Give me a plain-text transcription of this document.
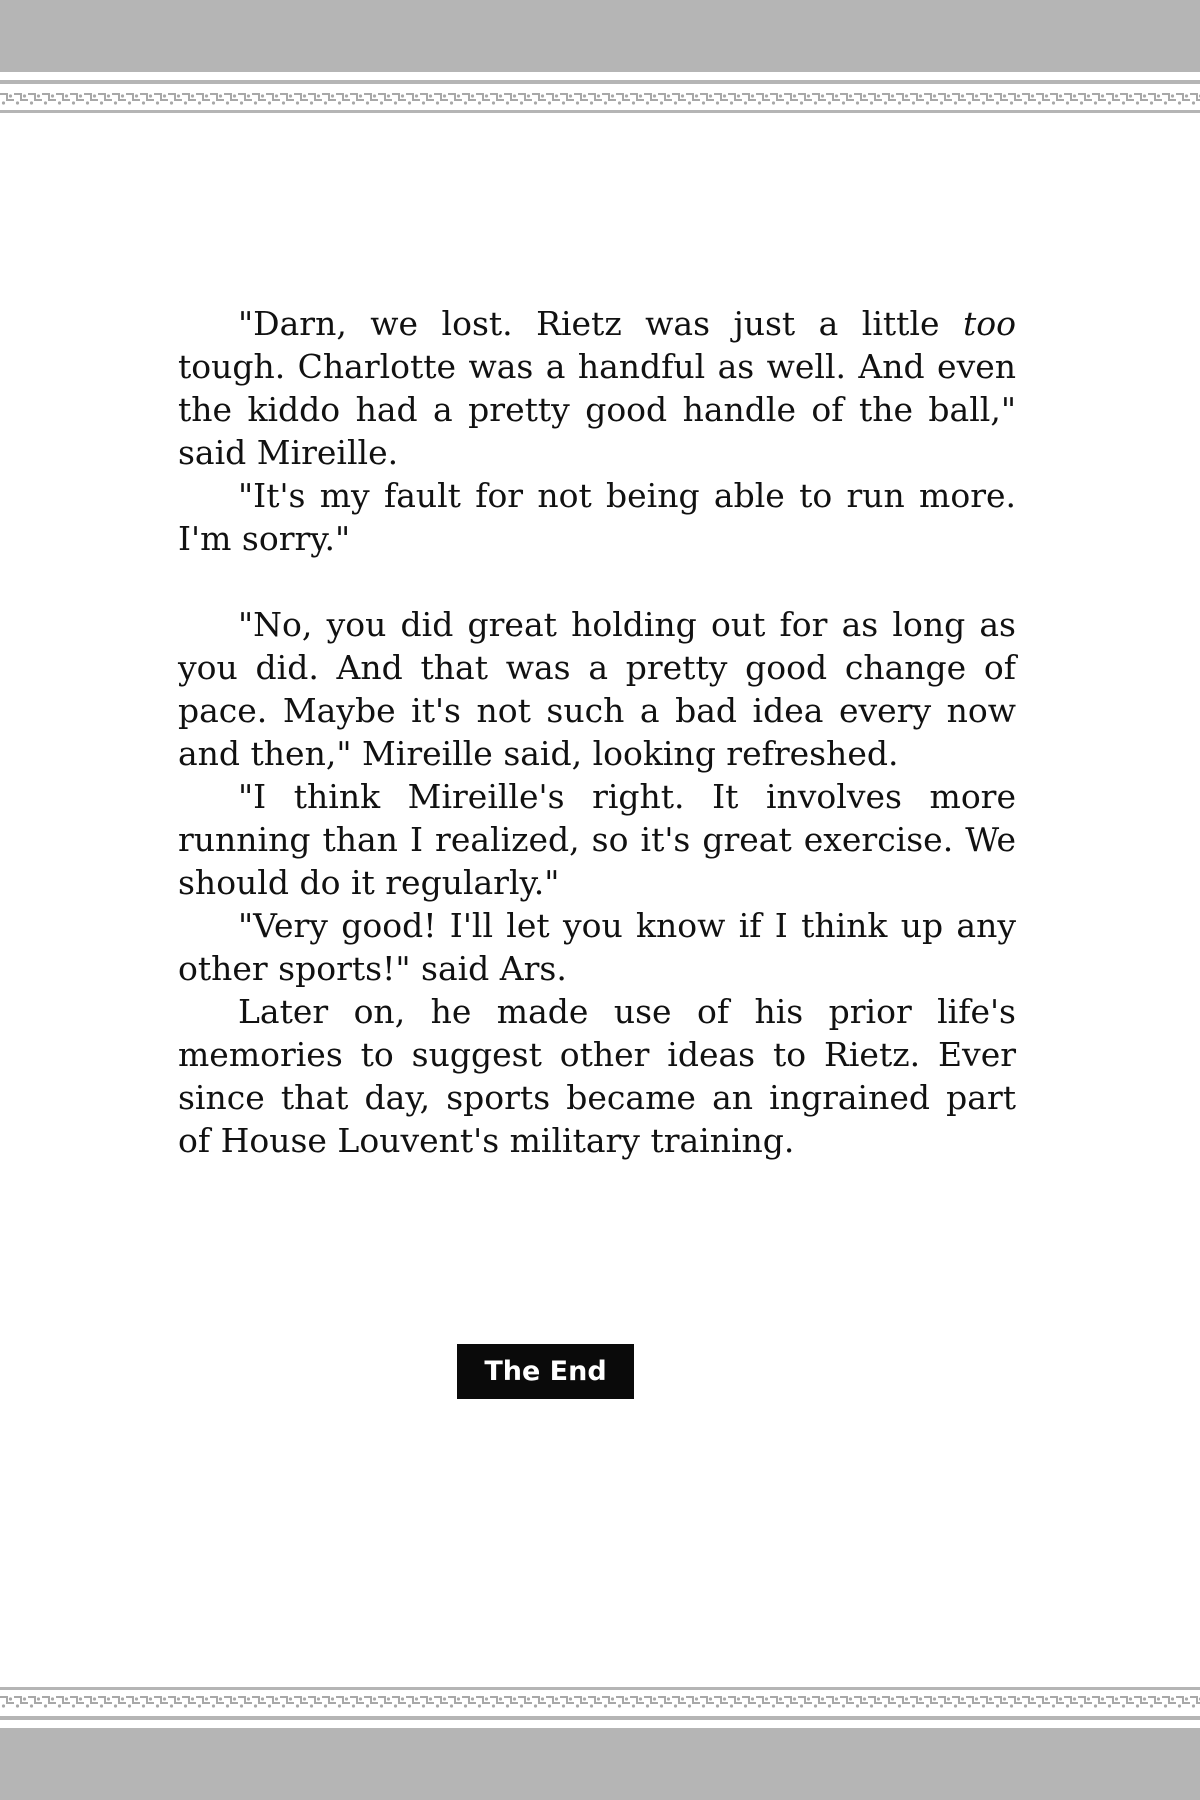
"Darn, we lost. Rietz was just a little too tough. Charlotte was a handful as well. And even the kiddo had a pretty good handle of the ball," said Mireille.

"It's my fault for not being able to run more. I'm sorry."

"No, you did great holding out for as long as you did. And that was a pretty good change of pace. Maybe it's not such a bad idea every now and then," Mireille said, looking refreshed.

"I think Mireille's right. It involves more running than I realized, so it's great exercise. We should do it regularly."

"Very good! I'll let you know if I think up any other sports!" said Ars.

Later on, he made use of his prior life's memories to suggest other ideas to Rietz. Ever since that day, sports became an ingrained part of House Louvent's military training.

The End
